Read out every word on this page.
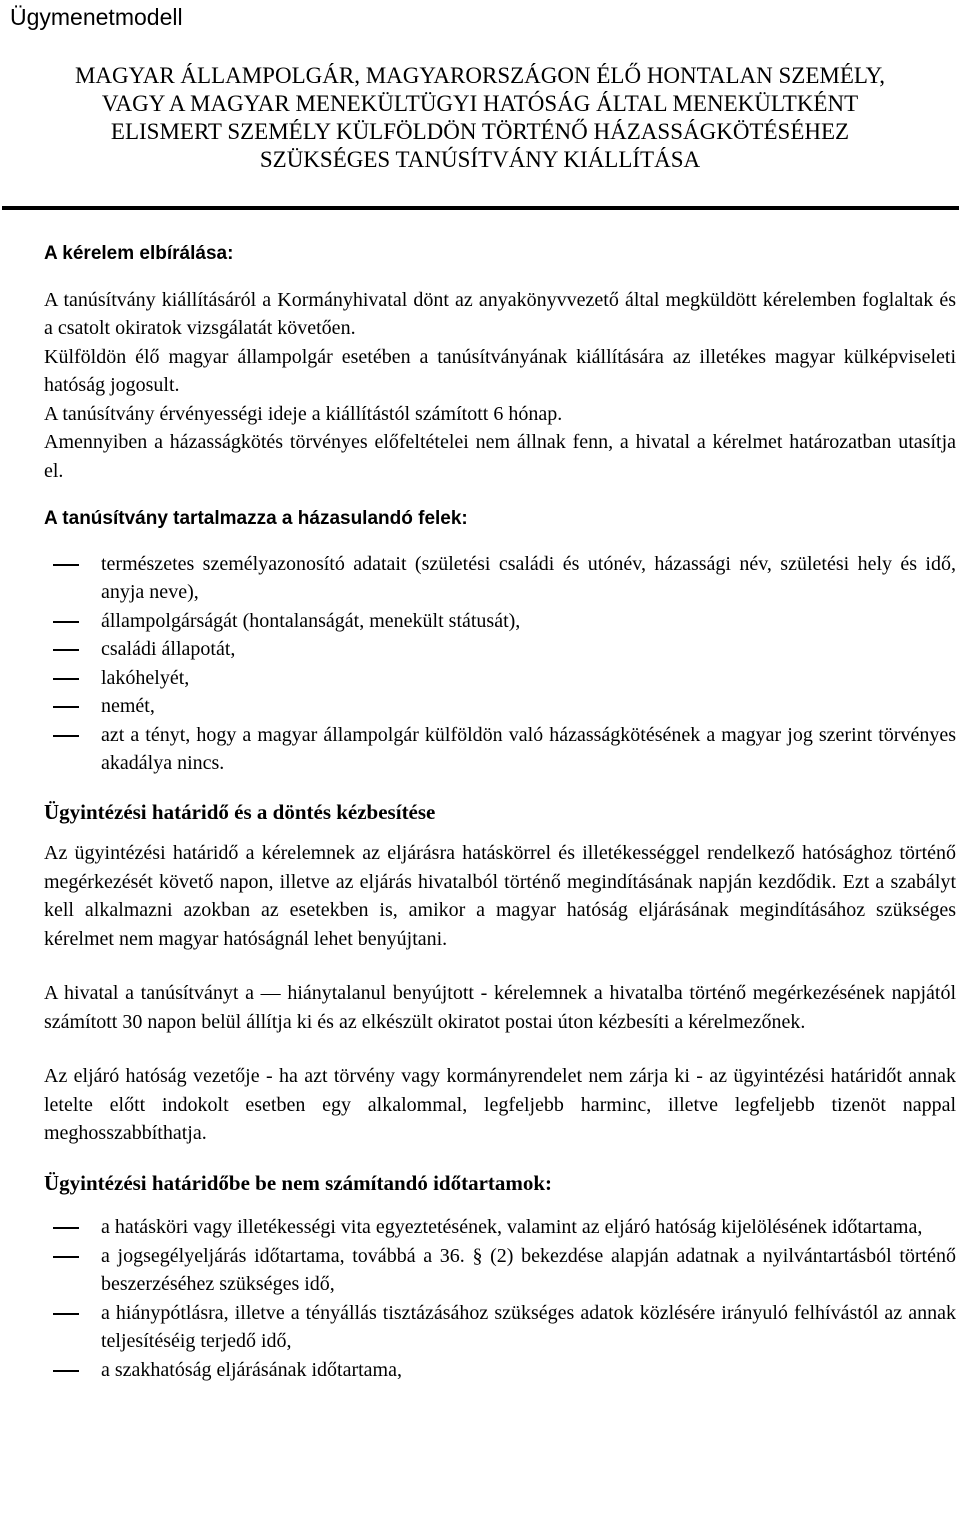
Ügymenetmodell
MAGYAR ÁLLAMPOLGÁR, MAGYARORSZÁGON ÉLŐ HONTALAN SZEMÉLY,
VAGY A MAGYAR MENEKÜLTÜGYI HATÓSÁG ÁLTAL MENEKÜLTKÉNT
ELISMERT SZEMÉLY KÜLFÖLDÖN TÖRTÉNŐ HÁZASSÁGKÖTÉSÉHEZ
SZÜKSÉGES TANÚSÍTVÁNY KIÁLLÍTÁSA

A kérelem elbírálása:

A tanúsítvány kiállításáról a Kormányhivatal dönt az anyakönyvvezető által megküldött kérelemben foglaltak és a csatolt okiratok vizsgálatát követően.

Külföldön élő magyar állampolgár esetében a tanúsítványának kiállítására az illetékes magyar külképviseleti hatóság jogosult.

A tanúsítvány érvényességi ideje a kiállítástól számított 6 hónap.

Amennyiben a házasságkötés törvényes előfeltételei nem állnak fenn, a hivatal a kérelmet határozatban utasítja el.

A tanúsítvány tartalmazza a házasulandó felek:

természetes személyazonosító adatait (születési családi és utónév, házassági név, születési hely és idő, anyja neve),
állampolgárságát (hontalanságát, menekült státusát),
családi állapotát,
lakóhelyét,
nemét,
azt a tényt, hogy a magyar állampolgár külföldön való házasságkötésének a magyar jog szerint törvényes akadálya nincs.

Ügyintézési határidő és a döntés kézbesítése

Az ügyintézési határidő a kérelemnek az eljárásra hatáskörrel és illetékességgel rendelkező hatósághoz történő megérkezését követő napon, illetve az eljárás hivatalból történő megindításának napján kezdődik. Ezt a szabályt kell alkalmazni azokban az esetekben is, amikor a magyar hatóság eljárásának megindításához szükséges kérelmet nem magyar hatóságnál lehet benyújtani.

A hivatal a tanúsítványt a — hiánytalanul benyújtott - kérelemnek a hivatalba történő megérkezésének napjától számított 30 napon belül állítja ki és az elkészült okiratot postai úton kézbesíti a kérelmezőnek.

Az eljáró hatóság vezetője - ha azt törvény vagy kormányrendelet nem zárja ki - az ügyintézési határidőt annak letelte előtt indokolt esetben egy alkalommal, legfeljebb harminc, illetve legfeljebb tizenöt nappal meghosszabbíthatja.

Ügyintézési határidőbe be nem számítandó időtartamok:

a hatásköri vagy illetékességi vita egyeztetésének, valamint az eljáró hatóság kijelölésének időtartama,
a jogsegélyeljárás időtartama, továbbá a 36. § (2) bekezdése alapján adatnak a nyilvántartásból történő beszerzéséhez szükséges idő,
a hiánypótlásra, illetve a tényállás tisztázásához szükséges adatok közlésére irányuló felhívástól az annak teljesítéséig terjedő idő,
a szakhatóság eljárásának időtartama,
